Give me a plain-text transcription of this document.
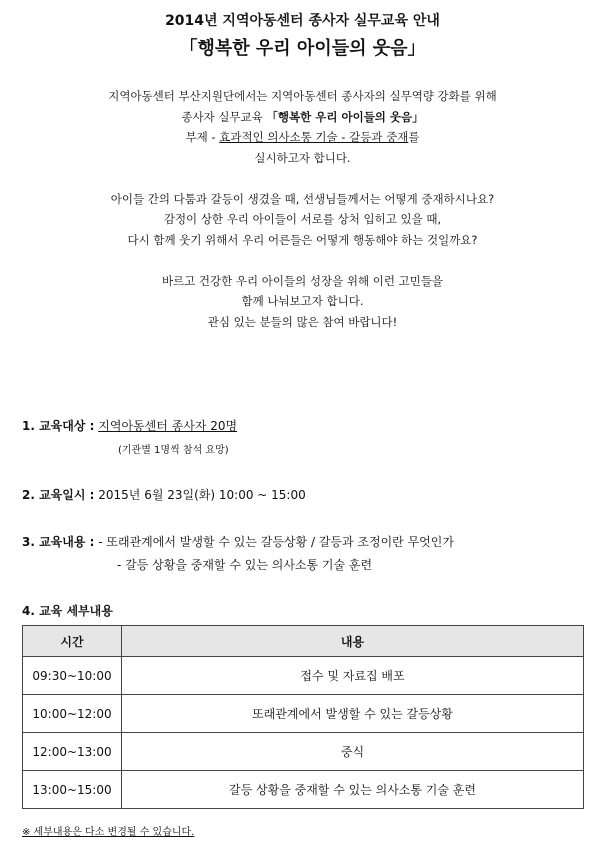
2014년 지역아동센터 종사자 실무교육 안내
「행복한 우리 아이들의 웃음」

지역아동센터 부산지원단에서는 지역아동센터 종사자의 실무역량 강화를 위해

종사자 실무교육 「행복한 우리 아이들의 웃음」

부제 - 효과적인 의사소통 기술 - 갈등과 중재를

실시하고자 합니다.

아이들 간의 다툼과 갈등이 생겼을 때, 선생님들께서는 어떻게 중재하시나요?

감정이 상한 우리 아이들이 서로를 상처 입히고 있을 때,

다시 함께 웃기 위해서 우리 어른들은 어떻게 행동해야 하는 것일까요?

바르고 건강한 우리 아이들의 성장을 위해 이런 고민들을

함께 나눠보고자 합니다.

관심 있는 분들의 많은 참여 바랍니다!

1. 교육대상 : 지역아동센터 종사자 20명
(기관별 1명씩 참석 요망)
2. 교육일시 : 2015년 6월 23일(화) 10:00 ~ 15:00
3. 교육내용 : - 또래관계에서 발생할 수 있는 갈등상황 / 갈등과 조정이란 무엇인가
- 갈등 상황을 중재할 수 있는 의사소통 기술 훈련
4. 교육 세부내용
시간	내용
09:30~10:00	접수 및 자료집 배포
10:00~12:00	또래관계에서 발생할 수 있는 갈등상황
12:00~13:00	중식
13:00~15:00	갈등 상황을 중재할 수 있는 의사소통 기술 훈련
※ 세부내용은 다소 변경될 수 있습니다.
